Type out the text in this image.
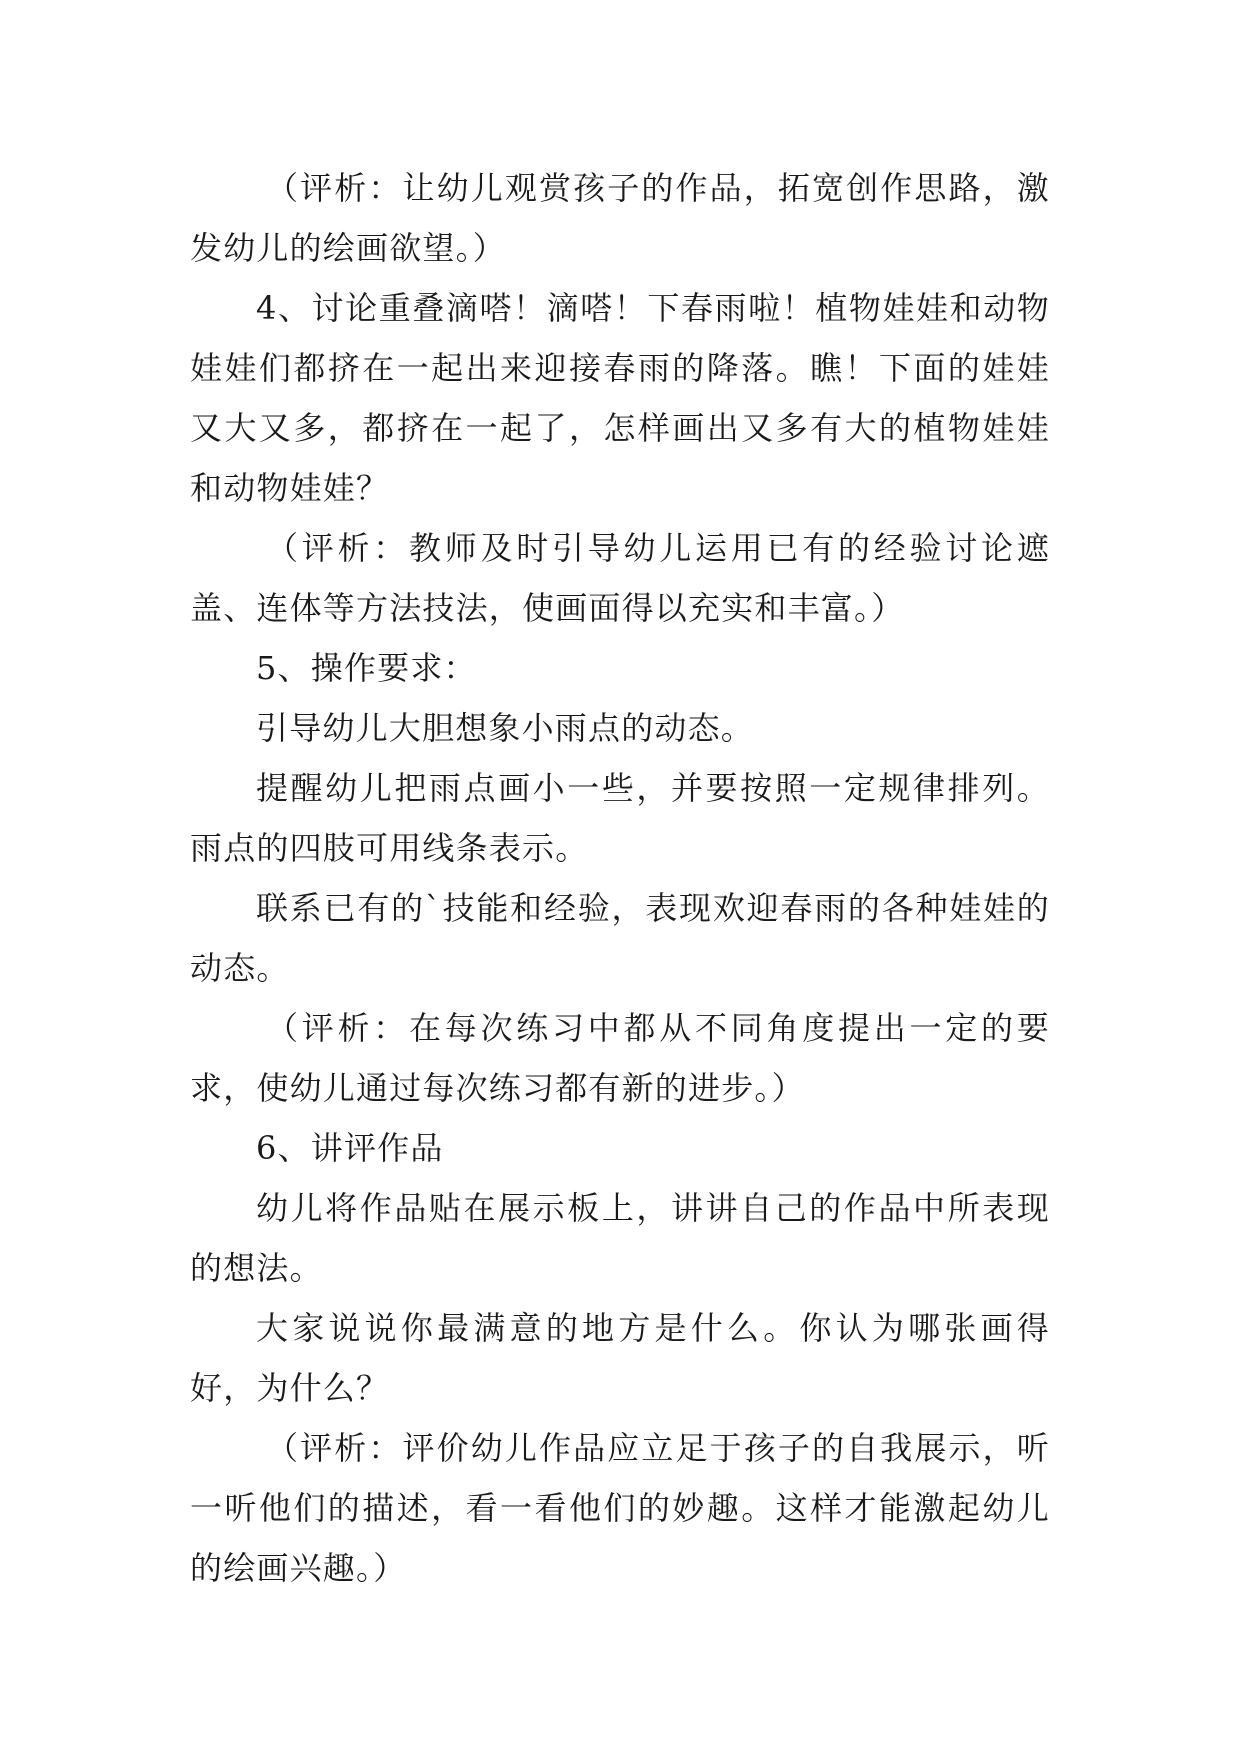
（评析：让幼儿观赏孩子的作品，拓宽创作思路，激发幼儿的绘画欲望。）

4、讨论重叠滴嗒！滴嗒！下春雨啦！植物娃娃和动物娃娃们都挤在一起出来迎接春雨的降落。瞧！下面的娃娃又大又多，都挤在一起了，怎样画出又多有大的植物娃娃和动物娃娃？

（评析：教师及时引导幼儿运用已有的经验讨论遮盖、连体等方法技法，使画面得以充实和丰富。）

5、操作要求：

引导幼儿大胆想象小雨点的动态。

提醒幼儿把雨点画小一些，并要按照一定规律排列。雨点的四肢可用线条表示。

联系已有的`技能和经验，表现欢迎春雨的各种娃娃的动态。

（评析：在每次练习中都从不同角度提出一定的要求，使幼儿通过每次练习都有新的进步。）

6、讲评作品

幼儿将作品贴在展示板上，讲讲自己的作品中所表现的想法。

大家说说你最满意的地方是什么。你认为哪张画得好，为什么？

（评析：评价幼儿作品应立足于孩子的自我展示，听一听他们的描述，看一看他们的妙趣。这样才能激起幼儿的绘画兴趣。）
